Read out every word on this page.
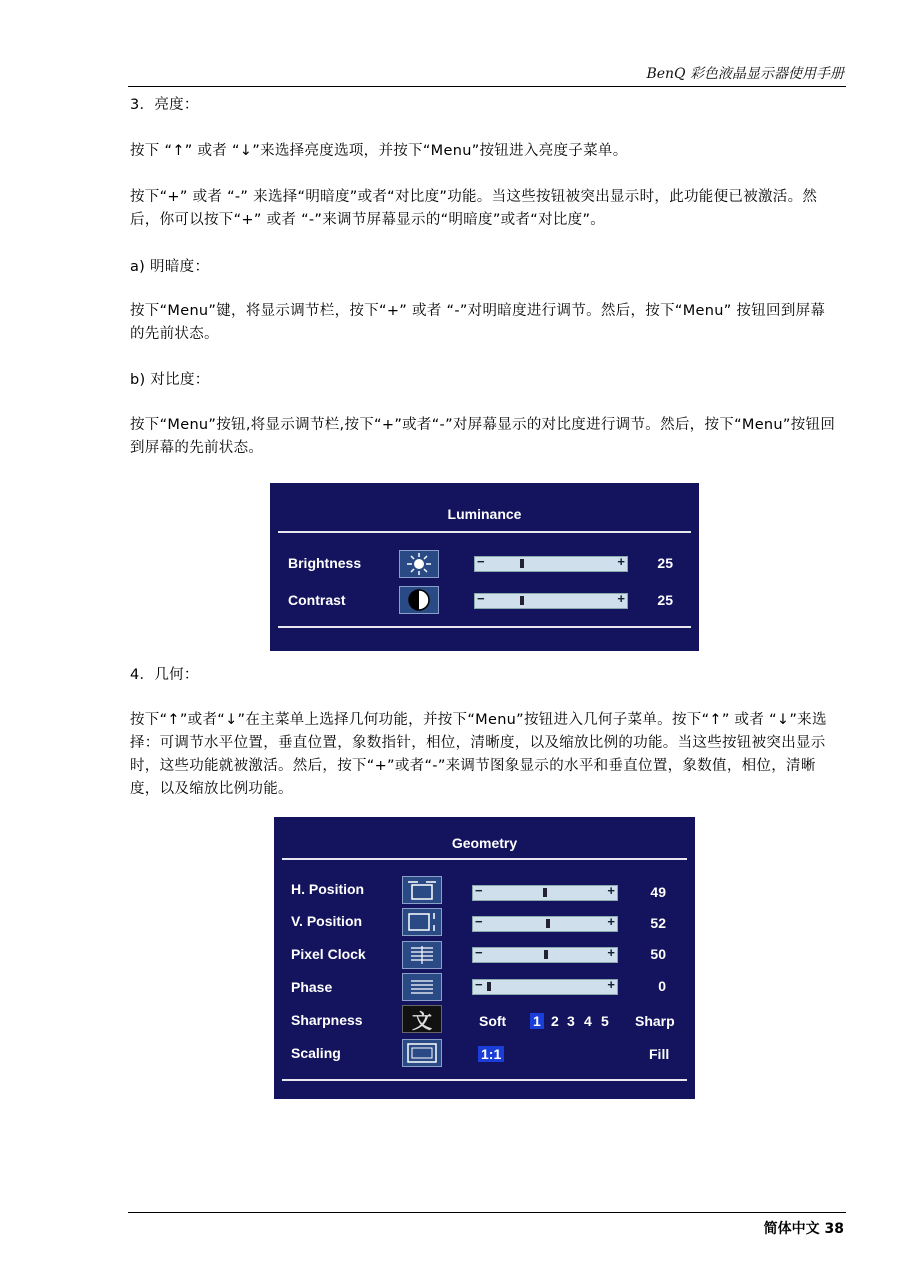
BenQ 彩色液晶显示器使用手册
3．亮度：
按下 “↑” 或者 “↓”来选择亮度选项，并按下“Menu”按钮进入亮度子菜单。
按下“+” 或者 “-” 来选择“明暗度”或者“对比度”功能。当这些按钮被突出显示时，此功能便已被激活。然后，你可以按下“+” 或者 “-”来调节屏幕显示的“明暗度”或者“对比度”。
a) 明暗度：
按下“Menu”键，将显示调节栏，按下“+” 或者 “-”对明暗度进行调节。然后，按下“Menu” 按钮回到屏幕的先前状态。
b) 对比度：
按下“Menu”按钮,将显示调节栏,按下“+”或者“-”对屏幕显示的对比度进行调节。然后，按下“Menu”按钮回到屏幕的先前状态。
Luminance
Brightness	−	+	25
Contrast	−	+	25
4．几何：
按下“↑”或者“↓”在主菜单上选择几何功能，并按下“Menu”按钮进入几何子菜单。按下“↑” 或者 “↓”来选择：可调节水平位置，垂直位置，象数指针，相位，清晰度，以及缩放比例的功能。当这些按钮被突出显示时，这些功能就被激活。然后，按下“+”或者“-”来调节图象显示的水平和垂直位置，象数值，相位，清晰度，以及缩放比例功能。
Geometry
H. Position	−	+	49
V. Position	−	+	52
Pixel Clock	−	+	50
Phase	−	+	0
Sharpness 文	Soft 1 2 3 4 5 Sharp
Scaling	1:1	Fill
简体中文 38
